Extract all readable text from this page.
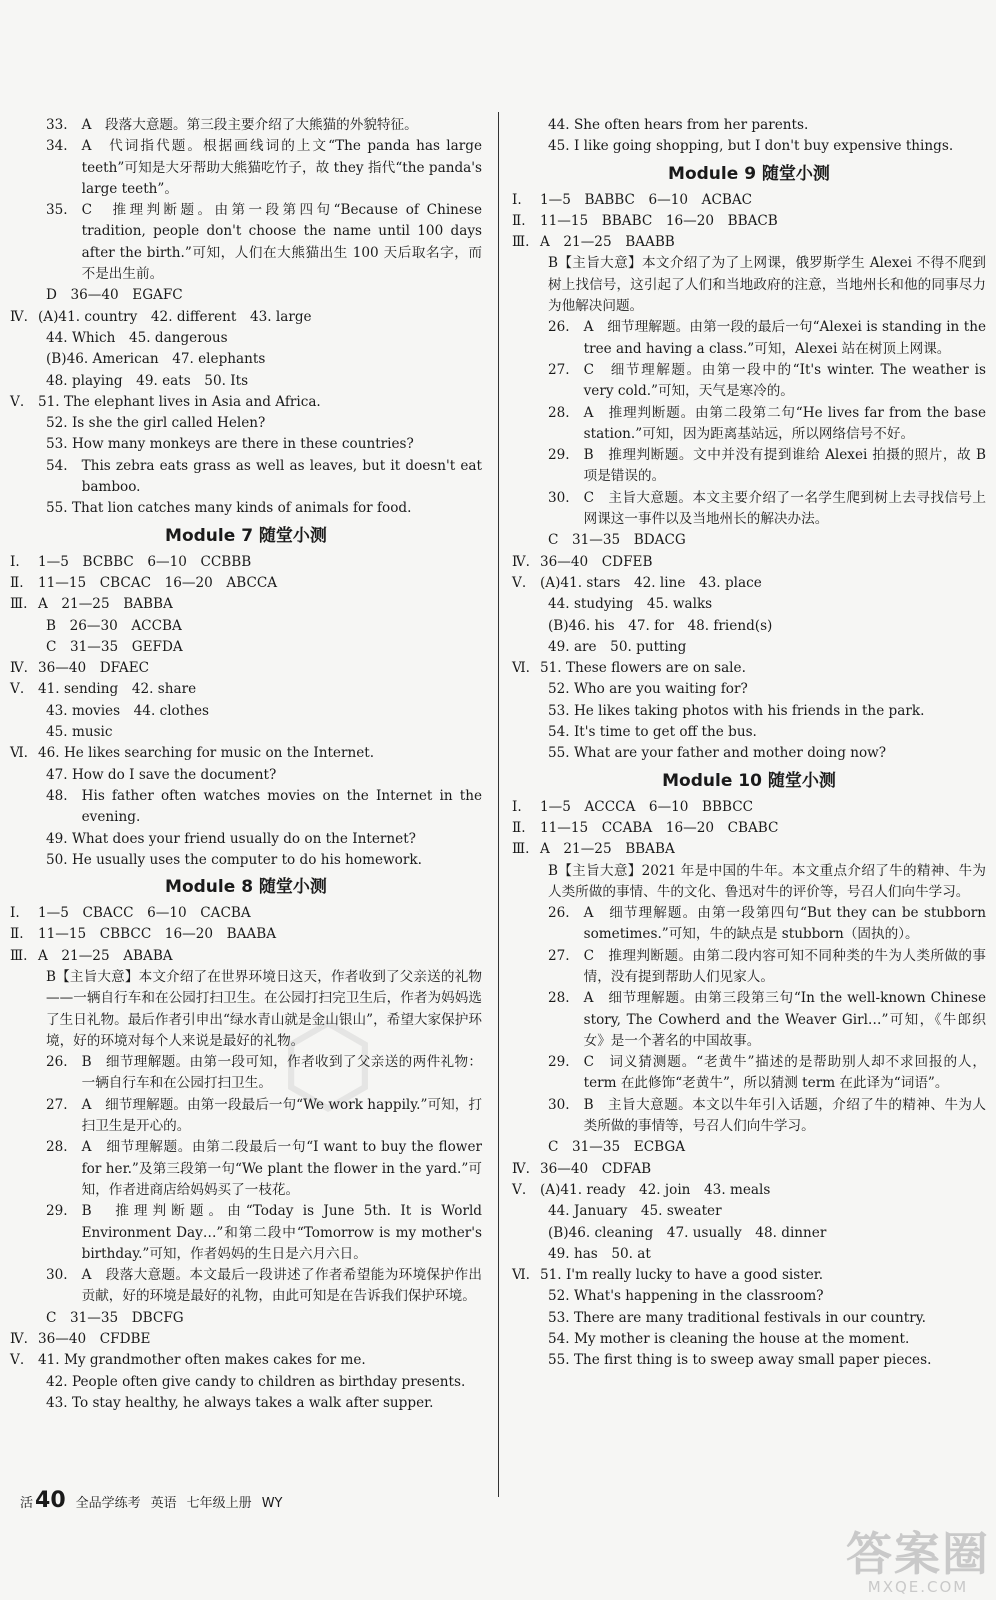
⬡
33. A　段落大意题。第三段主要介绍了大熊猫的外貌特征。
34. A　代词指代题。根据画线词的上文“The panda has large teeth”可知是大牙帮助大熊猫吃竹子，故 they 指代“the panda's large teeth”。
35. C　推理判断题。由第一段第四句“Because of Chinese tradition, people don't choose the name until 100 days after the birth.”可知，人们在大熊猫出生 100 天后取名字，而不是出生前。
D　36—40　EGAFC
Ⅳ. (A)41. country　42. different　43. large
44. Which　45. dangerous
(B)46. American　47. elephants
48. playing　49. eats　50. Its
Ⅴ.	51. The elephant lives in Asia and Africa.
52. Is she the girl called Helen?
53. How many monkeys are there in these countries?
54. This zebra eats grass as well as leaves, but it doesn't eat bamboo.
55. That lion catches many kinds of animals for food.
Module 7 随堂小测
Ⅰ.	1—5　BCBBC　6—10　CCBBB
Ⅱ.	11—15　CBCAC　16—20　ABCCA
Ⅲ. A　21—25　BABBA
B　26—30　ACCBA
C　31—35　GEFDA
Ⅳ. 36—40　DFAEC
Ⅴ.	41. sending　42. share
43. movies　44. clothes
45. music
Ⅵ. 46. He likes searching for music on the Internet.
47. How do I save the document?
48. His father often watches movies on the Internet in the evening.
49. What does your friend usually do on the Internet?
50. He usually uses the computer to do his homework.
Module 8 随堂小测
Ⅰ.	1—5　CBACC　6—10　CACBA
Ⅱ.	11—15　CBBCC　16—20　BAABA
Ⅲ. A　21—25　ABABA
B【主旨大意】本文介绍了在世界环境日这天，作者收到了父亲送的礼物——一辆自行车和在公园打扫卫生。在公园打扫完卫生后，作者为妈妈选了生日礼物。最后作者引申出“绿水青山就是金山银山”，希望大家保护环境，好的环境对每个人来说是最好的礼物。
26. B　细节理解题。由第一段可知，作者收到了父亲送的两件礼物：一辆自行车和在公园打扫卫生。
27. A　细节理解题。由第一段最后一句“We work happily.”可知，打扫卫生是开心的。
28. A　细节理解题。由第二段最后一句“I want to buy the flower for her.”及第三段第一句“We plant the flower in the yard.”可知，作者进商店给妈妈买了一枝花。
29. B　推理判断题。由“Today is June 5th. It is World Environment Day…”和第二段中“Tomorrow is my mother's birthday.”可知，作者妈妈的生日是六月六日。
30. A　段落大意题。本文最后一段讲述了作者希望能为环境保护作出贡献，好的环境是最好的礼物，由此可知是在告诉我们保护环境。
C　31—35　DBCFG
Ⅳ. 36—40　CFDBE
Ⅴ.	41. My grandmother often makes cakes for me.
42. People often give candy to children as birthday presents.
43. To stay healthy, he always takes a walk after supper.
44. She often hears from her parents.
45. I like going shopping, but I don't buy expensive things.
Module 9 随堂小测
Ⅰ.	1—5　BABBC　6—10　ACBAC
Ⅱ.	11—15　BBABC　16—20　BBACB
Ⅲ. A　21—25　BAABB
B【主旨大意】本文介绍了为了上网课，俄罗斯学生 Alexei 不得不爬到树上找信号，这引起了人们和当地政府的注意，当地州长和他的同事尽力为他解决问题。
26. A　细节理解题。由第一段的最后一句“Alexei is standing in the tree and having a class.”可知，Alexei 站在树顶上网课。
27. C　细节理解题。由第一段中的“It's winter. The weather is very cold.”可知，天气是寒冷的。
28. A　推理判断题。由第二段第二句“He lives far from the base station.”可知，因为距离基站远，所以网络信号不好。
29. B　推理判断题。文中并没有提到谁给 Alexei 拍摄的照片，故 B 项是错误的。
30. C　主旨大意题。本文主要介绍了一名学生爬到树上去寻找信号上网课这一事件以及当地州长的解决办法。
C　31—35　BDACG
Ⅳ. 36—40　CDFEB
Ⅴ.	(A)41. stars　42. line　43. place
44. studying　45. walks
(B)46. his　47. for　48. friend(s)
49. are　50. putting
Ⅵ. 51. These flowers are on sale.
52. Who are you waiting for?
53. He likes taking photos with his friends in the park.
54. It's time to get off the bus.
55. What are your father and mother doing now?
Module 10 随堂小测
Ⅰ.	1—5　ACCCA　6—10　BBBCC
Ⅱ.	11—15　CCABA　16—20　CBABC
Ⅲ. A　21—25　BBABA
B【主旨大意】2021 年是中国的牛年。本文重点介绍了牛的精神、牛为人类所做的事情、牛的文化、鲁迅对牛的评价等，号召人们向牛学习。
26. A　细节理解题。由第一段第四句“But they can be stubborn sometimes.”可知，牛的缺点是 stubborn（固执的）。
27. C　推理判断题。由第二段内容可知不同种类的牛为人类所做的事情，没有提到帮助人们见家人。
28. A　细节理解题。由第三段第三句“In the well-known Chinese story, The Cowherd and the Weaver Girl…”可知，《牛郎织女》是一个著名的中国故事。
29. C　词义猜测题。“老黄牛”描述的是帮助别人却不求回报的人，term 在此修饰“老黄牛”，所以猜测 term 在此译为“词语”。
30. B　主旨大意题。本文以牛年引入话题，介绍了牛的精神、牛为人类所做的事情等，号召人们向牛学习。
C　31—35　ECBGA
Ⅳ. 36—40　CDFAB
Ⅴ.	(A)41. ready　42. join　43. meals
44. January　45. sweater
(B)46. cleaning　47. usually　48. dinner
49. has　50. at
Ⅵ. 51. I'm really lucky to have a good sister.
52. What's happening in the classroom?
53. There are many traditional festivals in our country.
54. My mother is cleaning the house at the moment.
55. The first thing is to sweep away small paper pieces.
活40 全品学练考 英语 七年级上册 WY
答案圈
MXQE.COM
